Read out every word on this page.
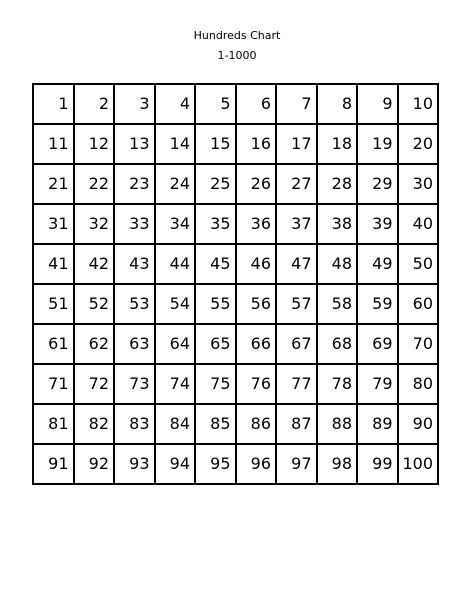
Hundreds Chart
1-1000
1	2	3	4	5	6	7	8	9	10
11	12	13	14	15	16	17	18	19	20
21	22	23	24	25	26	27	28	29	30
31	32	33	34	35	36	37	38	39	40
41	42	43	44	45	46	47	48	49	50
51	52	53	54	55	56	57	58	59	60
61	62	63	64	65	66	67	68	69	70
71	72	73	74	75	76	77	78	79	80
81	82	83	84	85	86	87	88	89	90
91	92	93	94	95	96	97	98	99	100
